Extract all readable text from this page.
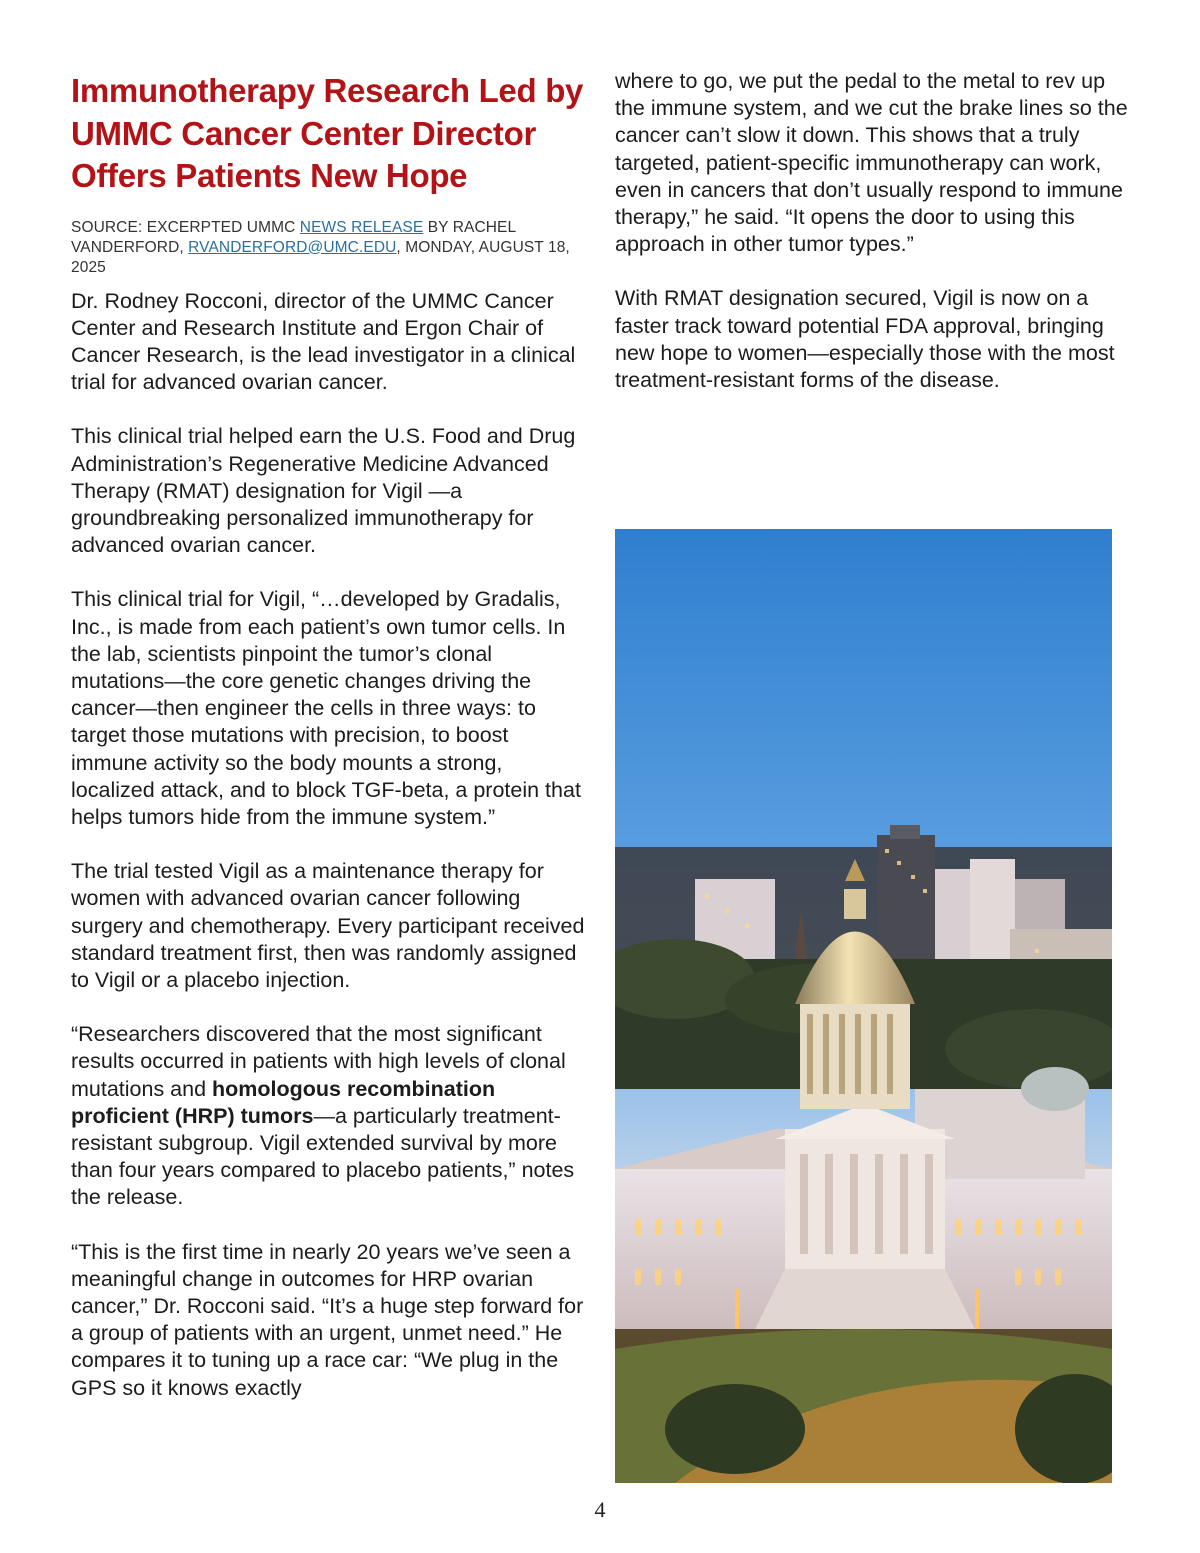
Immunotherapy Research Led by UMMC Cancer Center Director Offers Patients New Hope
SOURCE: EXCERPTED UMMC NEWS RELEASE BY RACHEL VANDERFORD, RVANDERFORD@UMC.EDU, MONDAY, AUGUST 18, 2025

Dr. Rodney Rocconi, director of the UMMC Cancer Center and Research Institute and Ergon Chair of Cancer Research, is the lead investigator in a clinical trial for advanced ovarian cancer.

This clinical trial helped earn the U.S. Food and Drug Administration’s Regenerative Medicine Advanced Therapy (RMAT) designation for Vigil —a groundbreaking personalized immunotherapy for advanced ovarian cancer.

This clinical trial for Vigil, “…developed by Gradalis, Inc., is made from each patient’s own tumor cells. In the lab, scientists pinpoint the tumor’s clonal mutations—the core genetic changes driving the cancer—then engineer the cells in three ways: to target those mutations with precision, to boost immune activity so the body mounts a strong, localized attack, and to block TGF-beta, a protein that helps tumors hide from the immune system.”

The trial tested Vigil as a maintenance therapy for women with advanced ovarian cancer following surgery and chemotherapy. Every participant received standard treatment first, then was randomly assigned to Vigil or a placebo injection.

“Researchers discovered that the most significant results occurred in patients with high levels of clonal mutations and homologous recombination proficient (HRP) tumors—a particularly treatment-resistant subgroup. Vigil extended survival by more than four years compared to placebo patients,” notes the release.

“This is the first time in nearly 20 years we’ve seen a meaningful change in outcomes for HRP ovarian cancer,” Dr. Rocconi said. “It’s a huge step forward for a group of patients with an urgent, unmet need.” He compares it to tuning up a race car: “We plug in the GPS so it knows exactly

where to go, we put the pedal to the metal to rev up the immune system, and we cut the brake lines so the cancer can’t slow it down. This shows that a truly targeted, patient-specific immunotherapy can work, even in cancers that don’t usually respond to immune therapy,” he said. “It opens the door to using this approach in other tumor types.”

With RMAT designation secured, Vigil is now on a faster track toward potential FDA approval, bringing new hope to women—especially those with the most treatment-resistant forms of the disease.

4
